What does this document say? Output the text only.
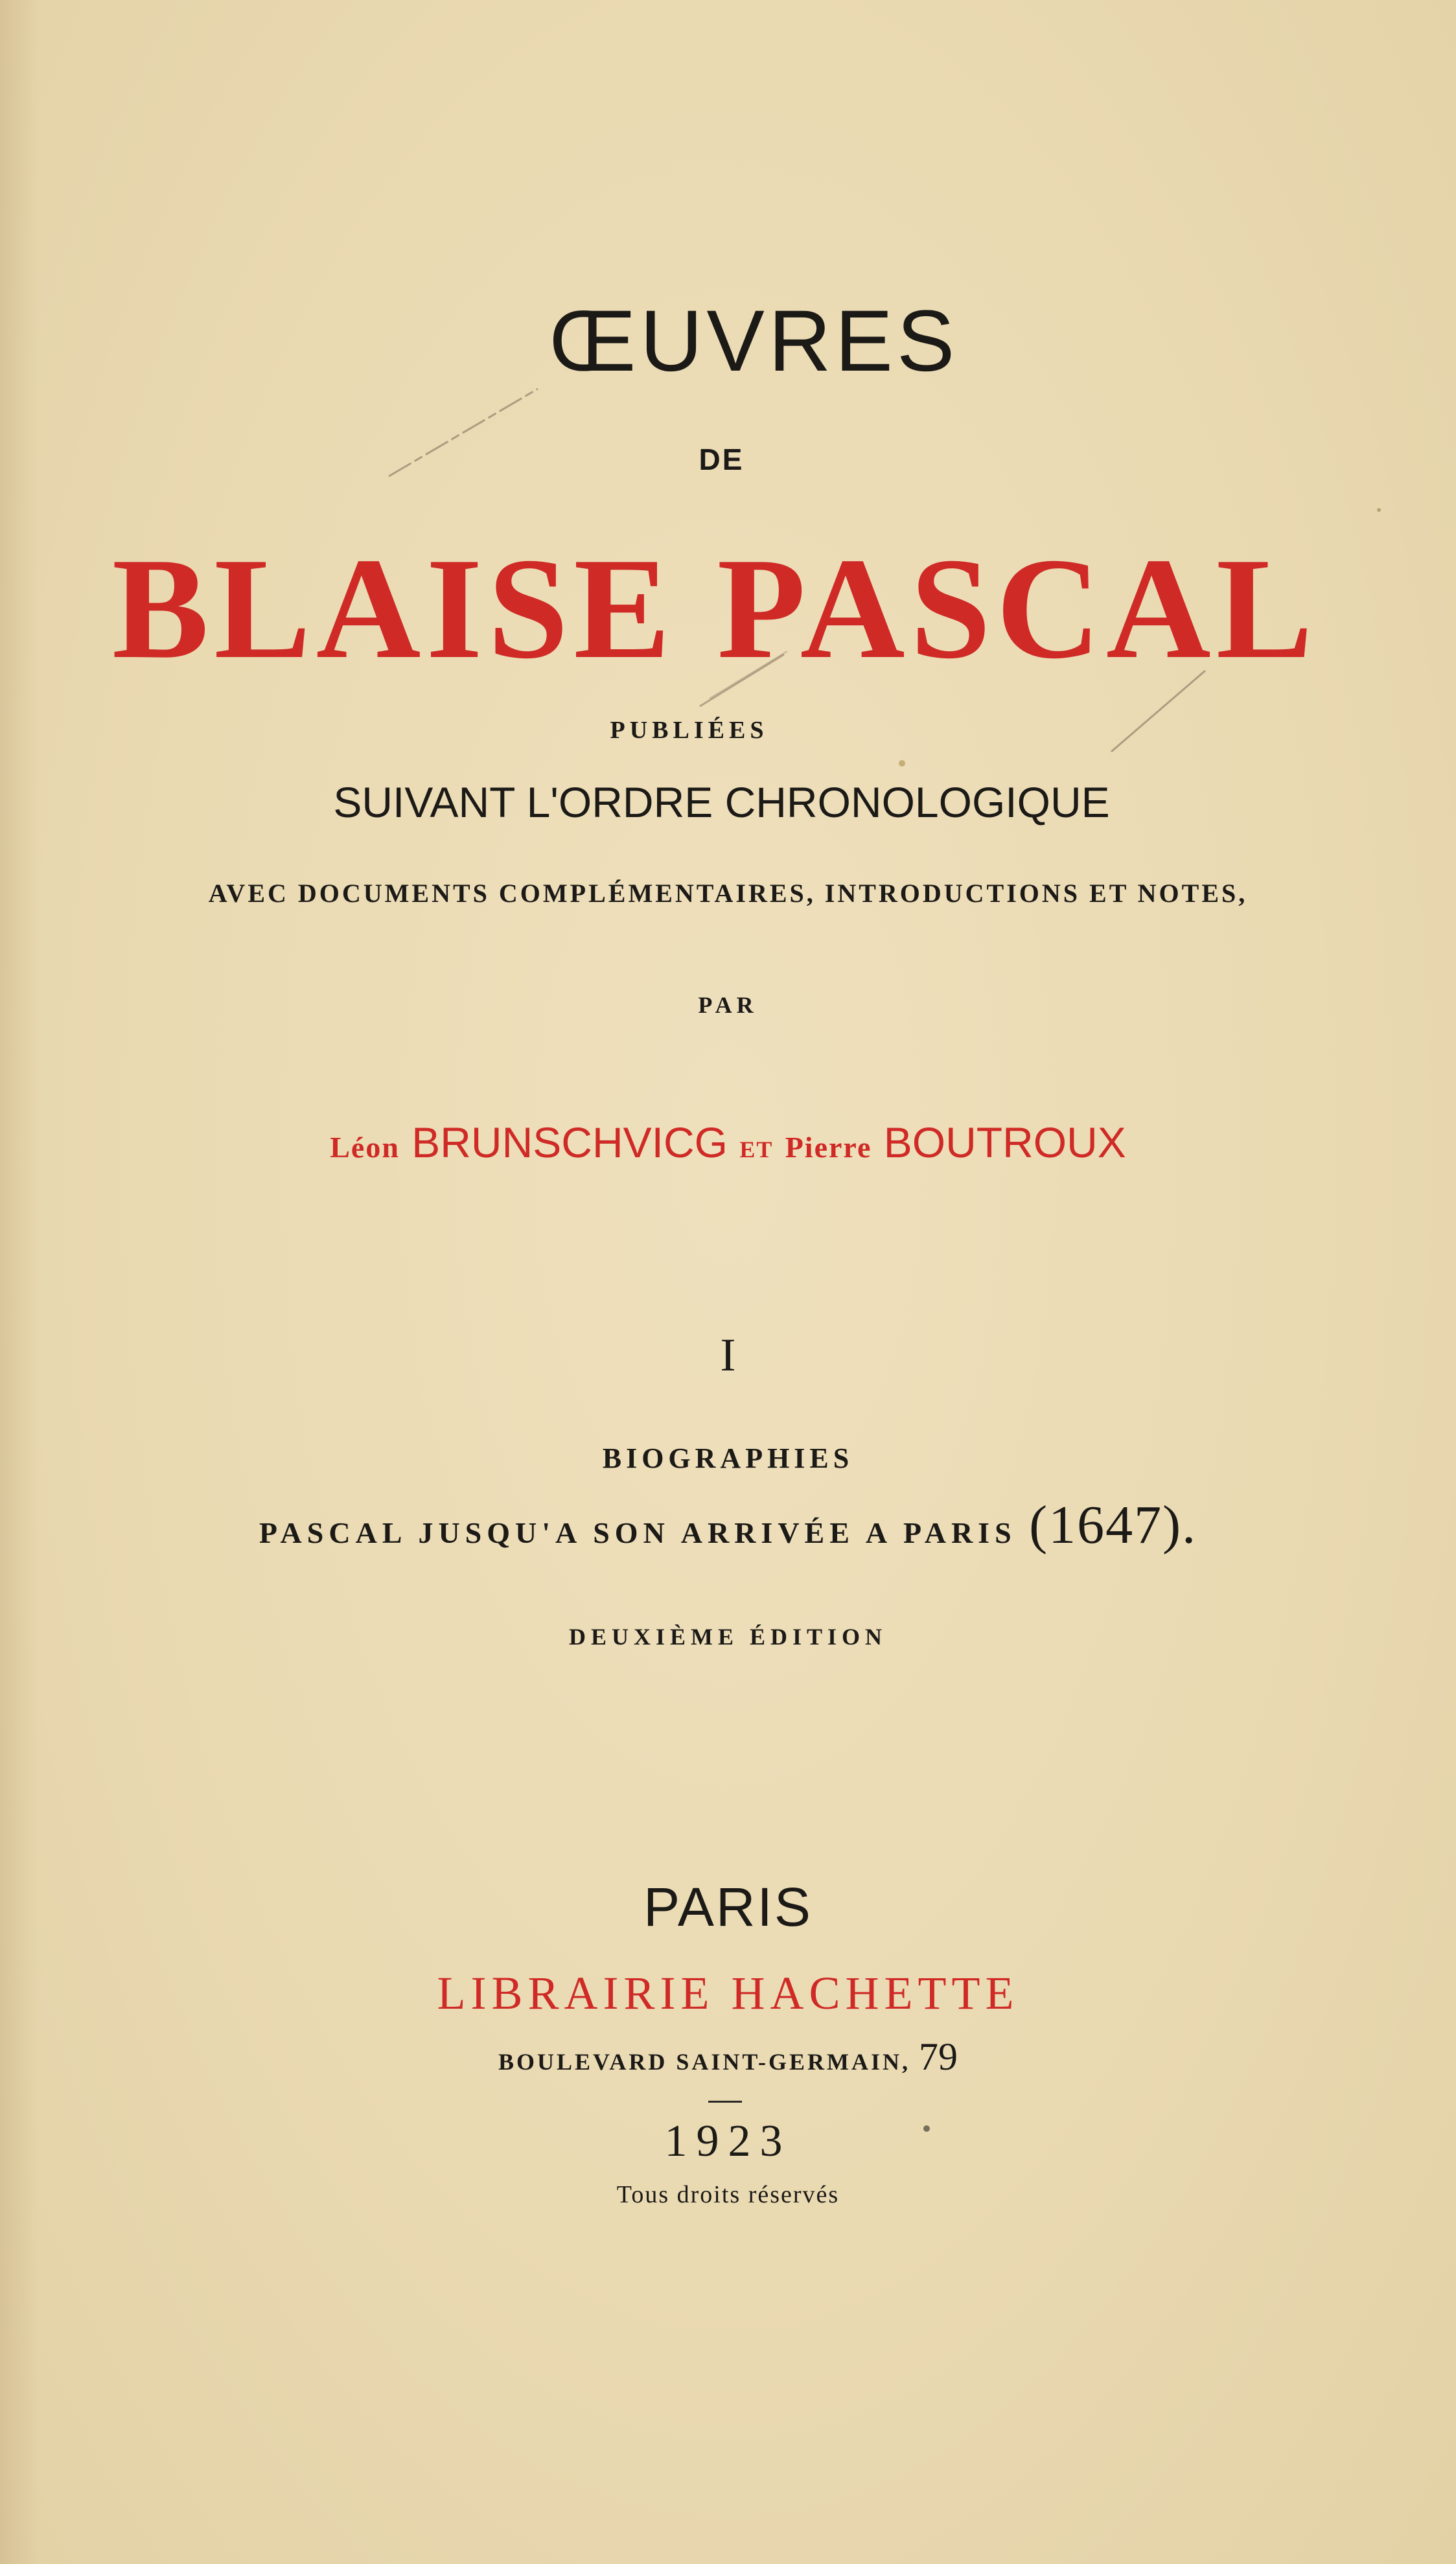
ŒUVRES
DE
BLAISE PASCAL
PUBLIÉES
SUIVANT L'ORDRE CHRONOLOGIQUE
AVEC DOCUMENTS COMPLÉMENTAIRES, INTRODUCTIONS ET NOTES,
PAR
Léon BRUNSCHVICG ET Pierre BOUTROUX
I
BIOGRAPHIES
PASCAL JUSQU'A SON ARRIVÉE A PARIS (1647).
DEUXIÈME ÉDITION
PARIS
LIBRAIRIE HACHETTE
BOULEVARD SAINT-GERMAIN, 79
1923
Tous droits réservés
